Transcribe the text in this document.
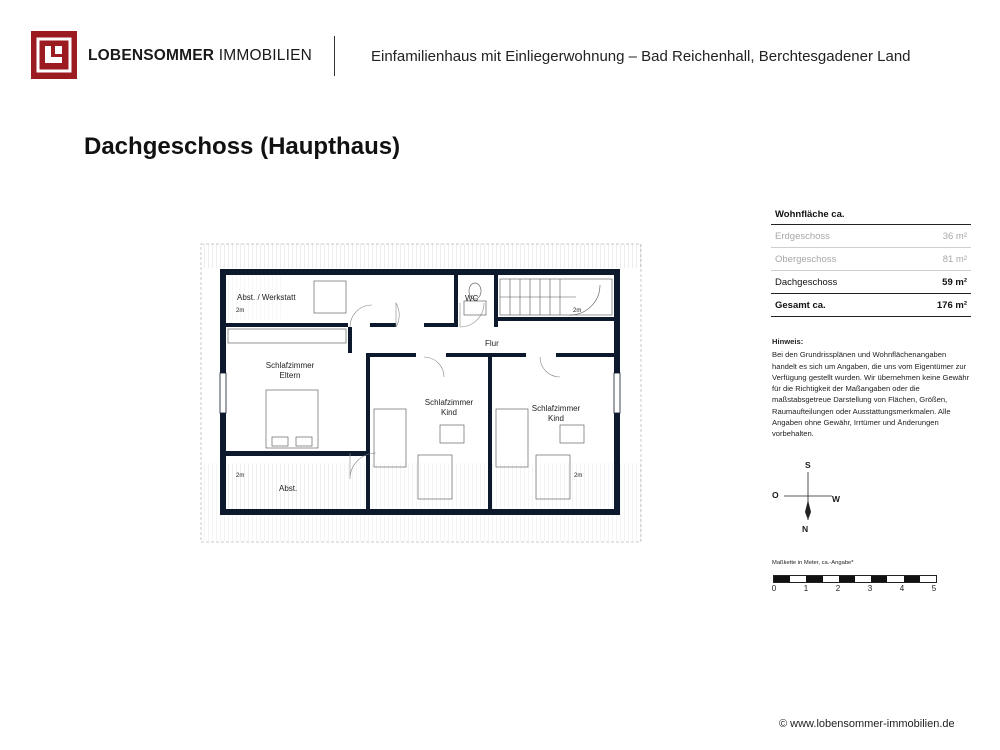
LOBENSOMMER IMMOBILIEN	Einfamilienhaus mit Einliegerwohnung – Bad Reichenhall, Berchtesgadener Land
Dachgeschoss (Haupthaus)
Abst. / Werkstatt	WC
Flur
Schlafzimmer
Eltern
Schlafzimmer
Kind	Schlafzimmer
Kind
Abst.
2m	2m
2m	2m
Wohnfläche ca.
Erdgeschoss	36 m²
Obergeschoss	81 m²
Dachgeschoss	59 m²
Gesamt ca.	176 m²
Hinweis:
Bei den Grundrissplänen und Wohnflächenangaben handelt es sich um Angaben, die uns vom Eigentümer zur Verfügung gestellt wurden. Wir übernehmen keine Gewähr für die Richtigkeit der Maßangaben oder die maßstabsgetreue Darstellung von Flächen, Größen, Raumaufteilungen oder Ausstattungsmerkmalen. Alle Angaben ohne Gewähr, Irrtümer und Änderungen vorbehalten.
S
O	W
N
Maßkette in Meter, ca.-Angabe*
0	1	2	3	4	5
© www.lobensommer-immobilien.de
